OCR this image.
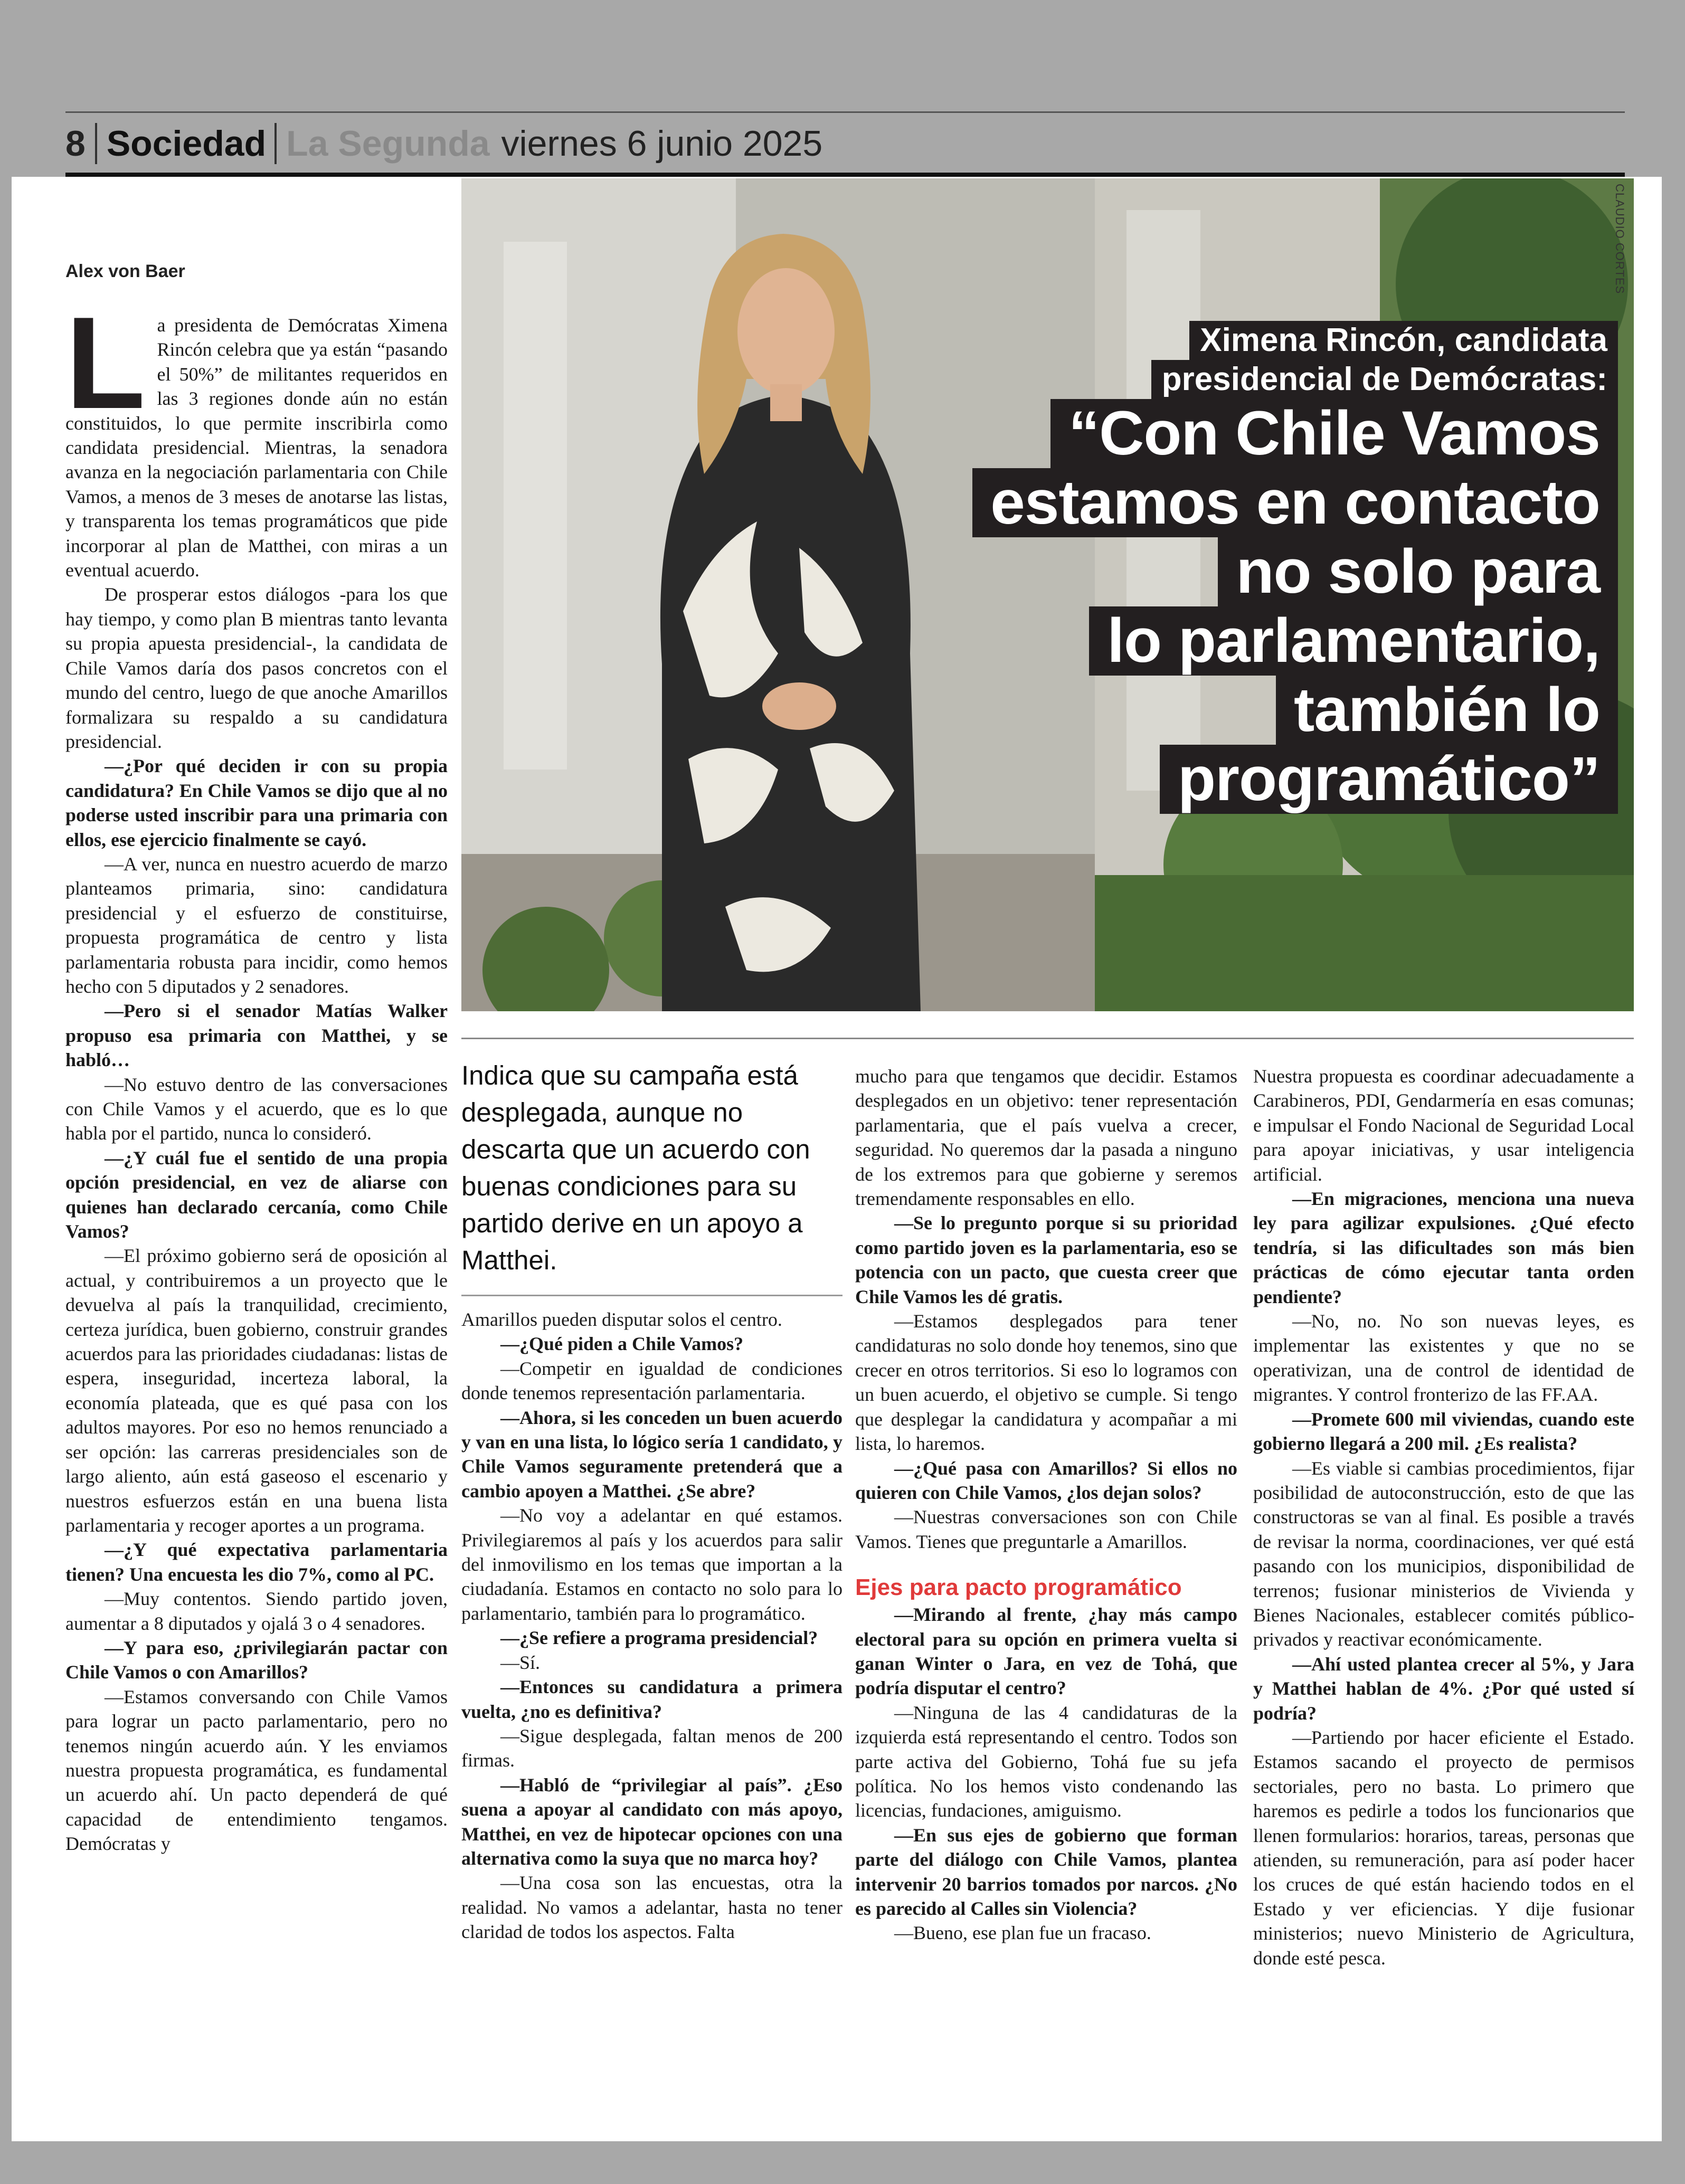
8 Sociedad La Segunda viernes 6 junio 2025
CLAUDIO CORTES
Ximena Rincón, candidata
presidencial de Demócratas:
“Con Chile Vamos
estamos en contacto
no solo para
lo parlamentario,
también lo
programático”
Alex von Baer
L a presidenta de Demócratas Ximena Rincón celebra que ya están “pasando el 50%” de militantes requeridos en las 3 regiones donde aún no están constituidos, lo que permite inscribirla como candidata presidencial. Mientras, la senadora avanza en la negociación parlamentaria con Chile Vamos, a menos de 3 meses de anotarse las listas, y transparenta los temas programáticos que pide incorporar al plan de Matthei, con miras a un eventual acuerdo.

De prosperar estos diálogos -para los que hay tiempo, y como plan B mientras tanto levanta su propia apuesta presidencial-, la candidata de Chile Vamos daría dos pasos concretos con el mundo del centro, luego de que anoche Amarillos formalizara su respaldo a su candidatura presidencial.

—¿Por qué deciden ir con su propia candidatura? En Chile Vamos se dijo que al no poderse usted inscribir para una primaria con ellos, ese ejercicio finalmente se cayó.

—A ver, nunca en nuestro acuerdo de marzo planteamos primaria, sino: candidatura presidencial y el esfuerzo de constituirse, propuesta programática de centro y lista parlamentaria robusta para incidir, como hemos hecho con 5 diputados y 2 senadores.

—Pero si el senador Matías Walker propuso esa primaria con Matthei, y se habló…

—No estuvo dentro de las conversaciones con Chile Vamos y el acuerdo, que es lo que habla por el partido, nunca lo consideró.

—¿Y cuál fue el sentido de una propia opción presidencial, en vez de aliarse con quienes han declarado cercanía, como Chile Vamos?

—El próximo gobierno será de oposición al actual, y contribuiremos a un proyecto que le devuelva al país la tranquilidad, crecimiento, certeza jurídica, buen gobierno, construir grandes acuerdos para las prioridades ciudadanas: listas de espera, inseguridad, incerteza laboral, la economía plateada, que es qué pasa con los adultos mayores. Por eso no hemos renunciado a ser opción: las carreras presidenciales son de largo aliento, aún está gaseoso el escenario y nuestros esfuerzos están en una buena lista parlamentaria y recoger aportes a un programa.

—¿Y qué expectativa parlamentaria tienen? Una encuesta les dio 7%, como al PC.

—Muy contentos. Siendo partido joven, aumentar a 8 diputados y ojalá 3 o 4 senadores.

—Y para eso, ¿privilegiarán pactar con Chile Vamos o con Amarillos?

—Estamos conversando con Chile Vamos para lograr un pacto parlamentario, pero no tenemos ningún acuerdo aún. Y les enviamos nuestra propuesta programática, es fundamental un acuerdo ahí. Un pacto dependerá de qué capacidad de entendimiento tengamos. Demócratas y

Indica que su campaña está desplegada, aunque no descarta que un acuerdo con buenas condiciones para su partido derive en un apoyo a Matthei.

Amarillos pueden disputar solos el centro.

—¿Qué piden a Chile Vamos?

—Competir en igualdad de condiciones donde tenemos representación parlamentaria.

—Ahora, si les conceden un buen acuerdo y van en una lista, lo lógico sería 1 candidato, y Chile Vamos seguramente pretenderá que a cambio apoyen a Matthei. ¿Se abre?

—No voy a adelantar en qué estamos. Privilegiaremos al país y los acuerdos para salir del inmovilismo en los temas que importan a la ciudadanía. Estamos en contacto no solo para lo parlamentario, también para lo programático.

—¿Se refiere a programa presidencial?

—Sí.

—Entonces su candidatura a primera vuelta, ¿no es definitiva?

—Sigue desplegada, faltan menos de 200 firmas.

—Habló de “privilegiar al país”. ¿Eso suena a apoyar al candidato con más apoyo, Matthei, en vez de hipotecar opciones con una alternativa como la suya que no marca hoy?

—Una cosa son las encuestas, otra la realidad. No vamos a adelantar, hasta no tener claridad de todos los aspectos. Falta

mucho para que tengamos que decidir. Estamos desplegados en un objetivo: tener representación parlamentaria, que el país vuelva a crecer, seguridad. No queremos dar la pasada a ninguno de los extremos para que gobierne y seremos tremendamente responsables en ello.

—Se lo pregunto porque si su prioridad como partido joven es la parlamentaria, eso se potencia con un pacto, que cuesta creer que Chile Vamos les dé gratis.

—Estamos desplegados para tener candidaturas no solo donde hoy tenemos, sino que crecer en otros territorios. Si eso lo logramos con un buen acuerdo, el objetivo se cumple. Si tengo que desplegar la candidatura y acompañar a mi lista, lo haremos.

—¿Qué pasa con Amarillos? Si ellos no quieren con Chile Vamos, ¿los dejan solos?

—Nuestras conversaciones son con Chile Vamos. Tienes que preguntarle a Amarillos.

Ejes para pacto programático

—Mirando al frente, ¿hay más campo electoral para su opción en primera vuelta si ganan Winter o Jara, en vez de Tohá, que podría disputar el centro?

—Ninguna de las 4 candidaturas de la izquierda está representando el centro. Todos son parte activa del Gobierno, Tohá fue su jefa política. No los hemos visto condenando las licencias, fundaciones, amiguismo.

—En sus ejes de gobierno que forman parte del diálogo con Chile Vamos, plantea intervenir 20 barrios tomados por narcos. ¿No es parecido al Calles sin Violencia?

—Bueno, ese plan fue un fracaso.

Nuestra propuesta es coordinar adecuadamente a Carabineros, PDI, Gendarmería en esas comunas; e impulsar el Fondo Nacional de Seguridad Local para apoyar iniciativas, y usar inteligencia artificial.

—En migraciones, menciona una nueva ley para agilizar expulsiones. ¿Qué efecto tendría, si las dificultades son más bien prácticas de cómo ejecutar tanta orden pendiente?

—No, no. No son nuevas leyes, es implementar las existentes y que no se operativizan, una de control de identidad de migrantes. Y control fronterizo de las FF.AA.

—Promete 600 mil viviendas, cuando este gobierno llegará a 200 mil. ¿Es realista?

—Es viable si cambias procedimientos, fijar posibilidad de autoconstrucción, esto de que las constructoras se van al final. Es posible a través de revisar la norma, coordinaciones, ver qué está pasando con los municipios, disponibilidad de terrenos; fusionar ministerios de Vivienda y Bienes Nacionales, establecer comités público-privados y reactivar económicamente.

—Ahí usted plantea crecer al 5%, y Jara y Matthei hablan de 4%. ¿Por qué usted sí podría?

—Partiendo por hacer eficiente el Estado. Estamos sacando el proyecto de permisos sectoriales, pero no basta. Lo primero que haremos es pedirle a todos los funcionarios que llenen formularios: horarios, tareas, personas que atienden, su remuneración, para así poder hacer los cruces de qué están haciendo todos en el Estado y ver eficiencias. Y dije fusionar ministerios; nuevo Ministerio de Agricultura, donde esté pesca.
